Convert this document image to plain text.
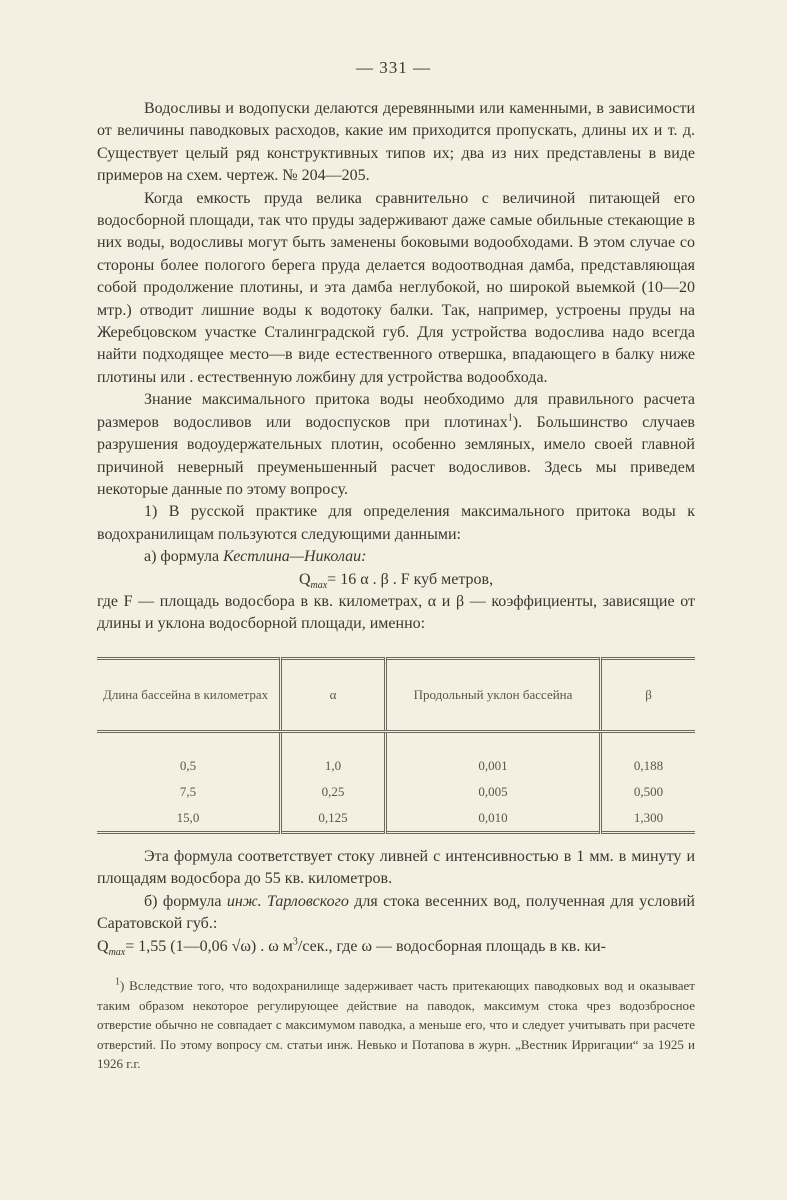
— 331 —

Водосливы и водопуски делаются деревянными или каменными, в зависимости от величины паводковых расходов, какие им приходится пропускать, длины их и т. д. Существует целый ряд конструктивных типов их; два из них представлены в виде примеров на схем. чертеж. № 204—205.

Когда емкость пруда велика сравнительно с величиной питающей его водосборной площади, так что пруды задерживают даже самые обильные стекающие в них воды, водосливы могут быть заменены боковыми водообходами. В этом случае со стороны более пологого берега пруда делается водоотводная дамба, представляющая собой продолжение плотины, и эта дамба неглубокой, но широкой выемкой (10—20 мтр.) отводит лишние воды к водотоку балки. Так, например, устроены пруды на Жеребцовском участке Сталинградской губ. Для устройства водослива надо всегда найти подходящее место—в виде естественного отвершка, впадающего в балку ниже плотины или . естественную ложбину для устройства водообхода.

Знание максимального притока воды необходимо для правильного расчета размеров водосливов или водоспусков при плотинах$^1$). Большинство случаев разрушения водоудержательных плотин, особенно земляных, имело своей главной причиной неверный преуменьшенный расчет водосливов. Здесь мы приведем некоторые данные по этому вопросу.

1) В русской практике для определения максимального притока воды к водохранилищам пользуются следующими данными:

а) формула Кестлина—Николаи:

$Q_{max}= 16$ α . β . F куб метров,

где F — площадь водосбора в кв. километрах, α и β — коэффициенты, зависящие от длины и уклона водосборной площади, именно:

Длина бассейна в километрах	α	Продольный уклон бассейна	β
0,5	1,0	0,001	0,188
7,5	0,25	0,005	0,500
15,0	0,125	0,010	1,300

Эта формула соответствует стоку ливней с интенсивностью в 1 мм. в минуту и площадям водосбора до 55 кв. километров.

б) формула инж. Тарловского для стока весенних вод, полученная для условий Саратовской губ.:

$Q_{max}= 1,55$ (1—0,06 √ω) . ω $м^3$/сек., где ω — водосборная площадь в кв. ки-

$^1$) Вследствие того, что водохранилище задерживает часть притекающих паводковых вод и оказывает таким образом некоторое регулирующее действие на паводок, максимум стока чрез водозбросное отверстие обычно не совпадает с максимумом паводка, а меньше его, что и следует учитывать при расчете отверстий. По этому вопросу см. статьи инж. Невько и Потапова в журн. „Вестник Ирригации“ за 1925 и 1926 г.г.
